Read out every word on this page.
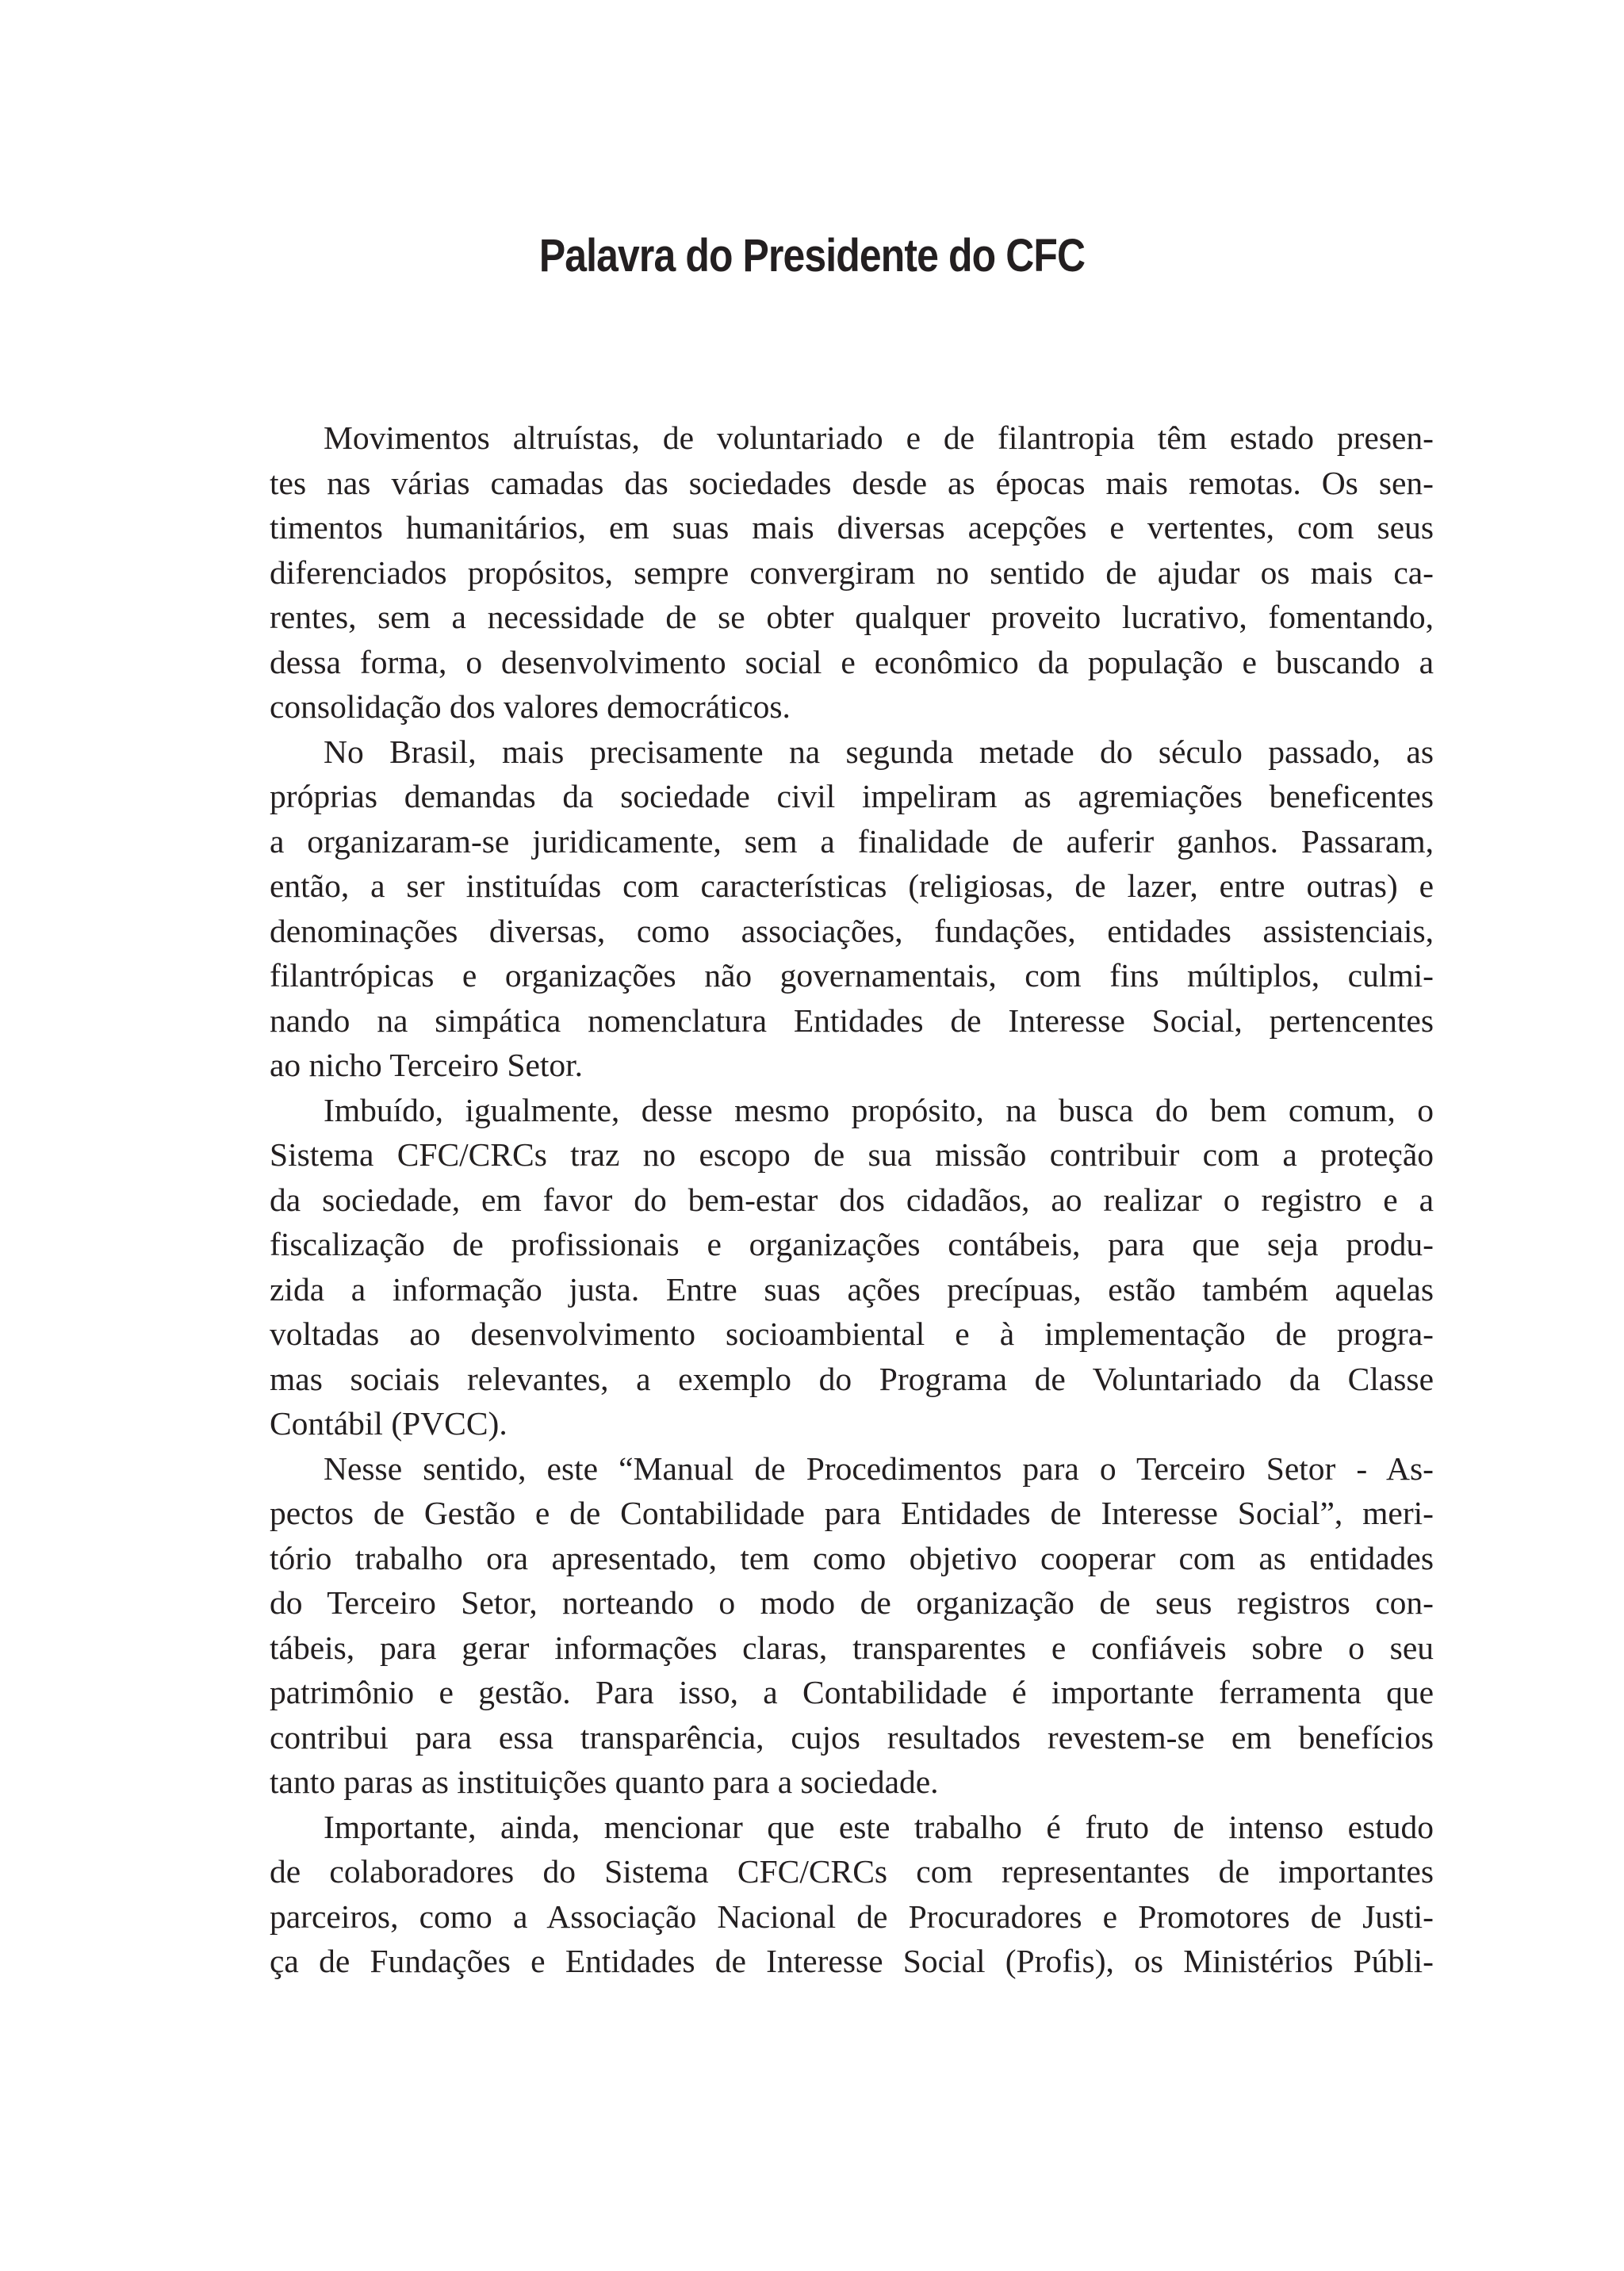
Palavra do Presidente do CFC
Movimentos altruístas, de voluntariado e de filantropia têm estado presen-
tes nas várias camadas das sociedades desde as épocas mais remotas. Os sen-
timentos humanitários, em suas mais diversas acepções e vertentes, com seus
diferenciados propósitos, sempre convergiram no sentido de ajudar os mais ca-
rentes, sem a necessidade de se obter qualquer proveito lucrativo, fomentando,
dessa forma, o desenvolvimento social e econômico da população e buscando a
consolidação dos valores democráticos.
No Brasil, mais precisamente na segunda metade do século passado, as
próprias demandas da sociedade civil impeliram as agremiações beneficentes
a organizaram-se juridicamente, sem a finalidade de auferir ganhos. Passaram,
então, a ser instituídas com características (religiosas, de lazer, entre outras) e
denominações diversas, como associações, fundações, entidades assistenciais,
filantrópicas e organizações não governamentais, com fins múltiplos, culmi-
nando na simpática nomenclatura Entidades de Interesse Social, pertencentes
ao nicho Terceiro Setor.
Imbuído, igualmente, desse mesmo propósito, na busca do bem comum, o
Sistema CFC/CRCs traz no escopo de sua missão contribuir com a proteção
da sociedade, em favor do bem-estar dos cidadãos, ao realizar o registro e a
fiscalização de profissionais e organizações contábeis, para que seja produ-
zida a informação justa. Entre suas ações precípuas, estão também aquelas
voltadas ao desenvolvimento socioambiental e à implementação de progra-
mas sociais relevantes, a exemplo do Programa de Voluntariado da Classe
Contábil (PVCC).
Nesse sentido, este “Manual de Procedimentos para o Terceiro Setor - As-
pectos de Gestão e de Contabilidade para Entidades de Interesse Social”, meri-
tório trabalho ora apresentado, tem como objetivo cooperar com as entidades
do Terceiro Setor, norteando o modo de organização de seus registros con-
tábeis, para gerar informações claras, transparentes e confiáveis sobre o seu
patrimônio e gestão. Para isso, a Contabilidade é importante ferramenta que
contribui para essa transparência, cujos resultados revestem-se em benefícios
tanto paras as instituições quanto para a sociedade.
Importante, ainda, mencionar que este trabalho é fruto de intenso estudo
de colaboradores do Sistema CFC/CRCs com representantes de importantes
parceiros, como a Associação Nacional de Procuradores e Promotores de Justi-
ça de Fundações e Entidades de Interesse Social (Profis), os Ministérios Públi-
